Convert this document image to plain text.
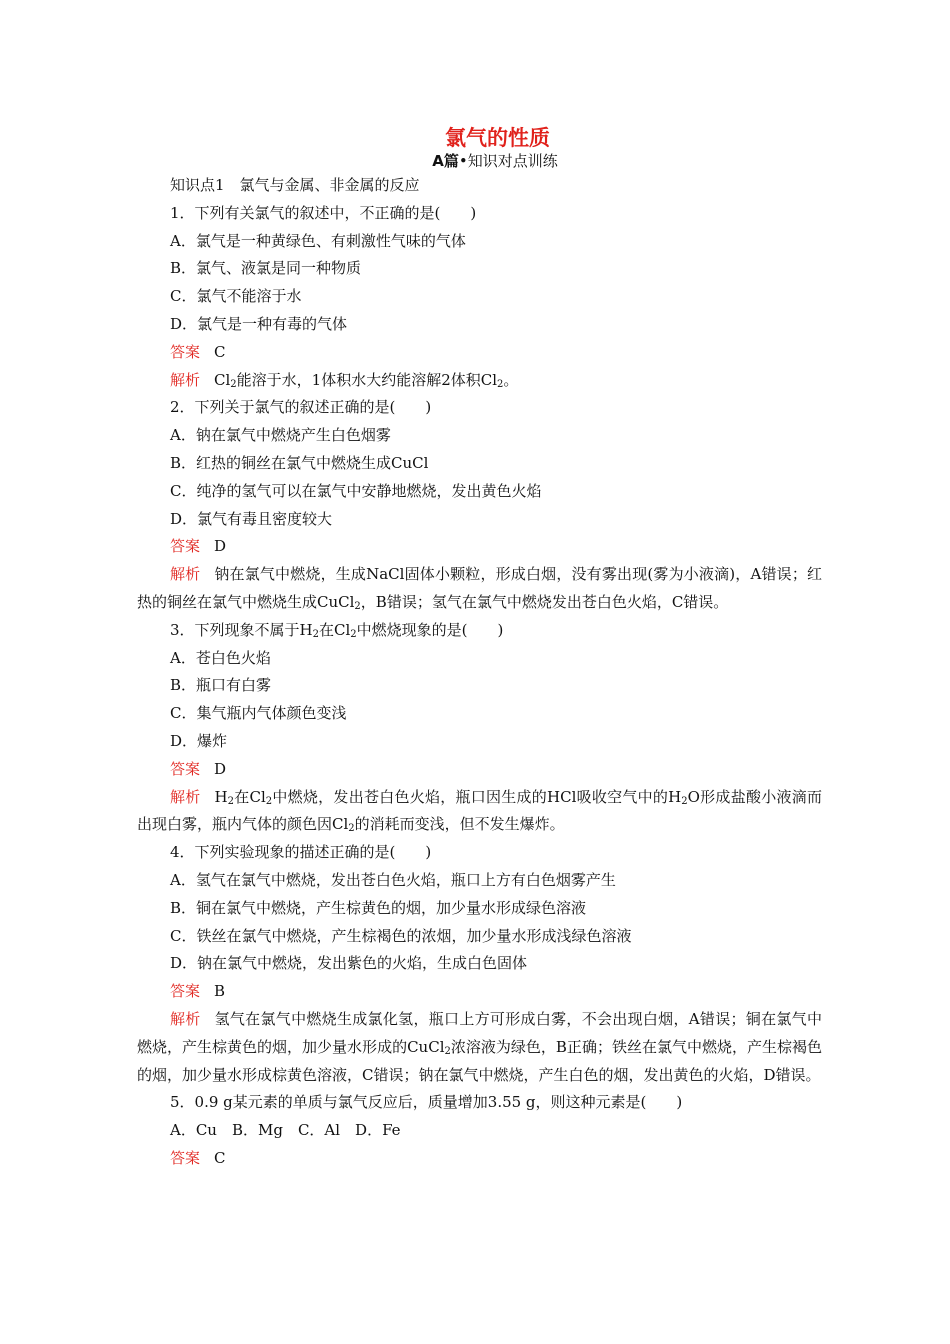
氯气的性质
A篇•知识对点训练
知识点1　氯气与金属、非金属的反应
1．下列有关氯气的叙述中，不正确的是(　　)
A．氯气是一种黄绿色、有刺激性气味的气体
B．氯气、液氯是同一种物质
C．氯气不能溶于水
D．氯气是一种有毒的气体
答案 C
解析 $Cl_2$能溶于水，1体积水大约能溶解2体积$Cl_2$。
2．下列关于氯气的叙述正确的是(　　)
A．钠在氯气中燃烧产生白色烟雾
B．红热的铜丝在氯气中燃烧生成CuCl
C．纯净的氢气可以在氯气中安静地燃烧，发出黄色火焰
D．氯气有毒且密度较大
答案 D
解析 钠在氯气中燃烧，生成NaCl固体小颗粒，形成白烟，没有雾出现(雾为小液滴)，A错误；红热的铜丝在氯气中燃烧生成CuCl$_2$，B错误；氢气在氯气中燃烧发出苍白色火焰，C错误。
3．下列现象不属于$H_2$在$Cl_2$中燃烧现象的是(　　)
A．苍白色火焰
B．瓶口有白雾
C．集气瓶内气体颜色变浅
D．爆炸
答案 D
解析 $H_2$在$Cl_2$中燃烧，发出苍白色火焰，瓶口因生成的HCl吸收空气中的$H_2O$形成盐酸小液滴而出现白雾，瓶内气体的颜色因$Cl_2$的消耗而变浅，但不发生爆炸。
4．下列实验现象的描述正确的是(　　)
A．氢气在氯气中燃烧，发出苍白色火焰，瓶口上方有白色烟雾产生
B．铜在氯气中燃烧，产生棕黄色的烟，加少量水形成绿色溶液
C．铁丝在氯气中燃烧，产生棕褐色的浓烟，加少量水形成浅绿色溶液
D．钠在氯气中燃烧，发出紫色的火焰，生成白色固体
答案 B
解析 氢气在氯气中燃烧生成氯化氢，瓶口上方可形成白雾，不会出现白烟，A错误；铜在氯气中燃烧，产生棕黄色的烟，加少量水形成的CuCl$_2$浓溶液为绿色，B正确；铁丝在氯气中燃烧，产生棕褐色的烟，加少量水形成棕黄色溶液，C错误；钠在氯气中燃烧，产生白色的烟，发出黄色的火焰，D错误。
5．0.9 g某元素的单质与氯气反应后，质量增加3.55 g，则这种元素是(　　)
A．Cu　B．Mg　C．Al　D．Fe
答案 C
